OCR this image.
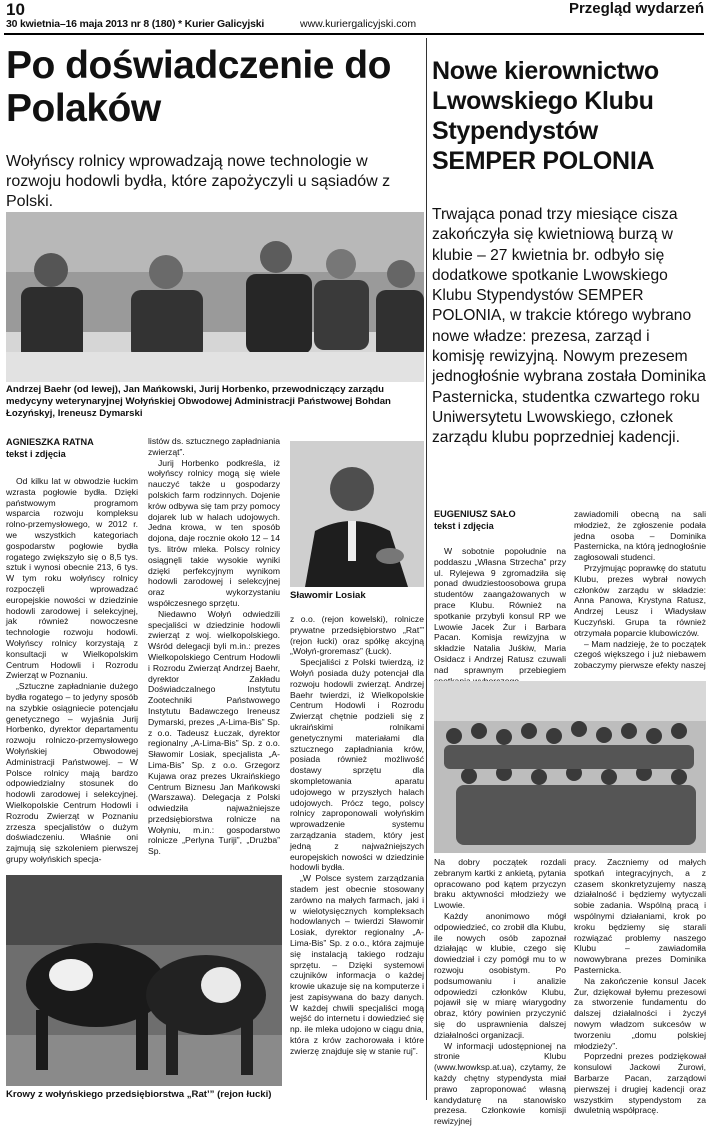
10
30 kwietnia–16 maja 2013 nr 8 (180) * Kurier Galicyjski	www.kuriergalicyjski.com
Przegląd wydarzeń
Po doświadczenie do Polaków
Wołyńscy rolnicy wprowadzają nowe technologie w rozwoju hodowli bydła, które zapożyczyli u sąsiadów z Polski.
Andrzej Baehr (od lewej), Jan Mańkowski, Jurij Horbenko, przewodniczący zarządu medycyny weterynaryjnej Wołyńskiej Obwodowej Administracji Państwowej Bohdan Łozyńskyj, Ireneusz Dymarski
AGNIESZKA RATNA
tekst i zdjęcia

Od kilku lat w obwodzie łuckim wzrasta pogłowie bydła. Dzięki państwowym programom wsparcia rozwoju kompleksu rolno-przemysłowego, w 2012 r. we wszystkich kategoriach gospodarstw pogłowie bydła rogatego zwiększyło się o 8,5 tys. sztuk i wynosi obecnie 213, 6 tys. W tym roku wołyńscy rolnicy rozpoczęli wprowadzać europejskie nowości w dziedzinie hodowli zarodowej i selekcyjnej, jak również nowoczesne technologie rozwoju hodowli. Wołyńscy rolnicy korzystają z konsultacji w Wielkopolskim Centrum Hodowli i Rozrodu Zwierząt w Poznaniu.

„Sztuczne zapładnianie dużego bydła rogatego – to jedyny sposób na szybkie osiągniecie potencjału genetycznego – wyjaśnia Jurij Horbenko, dyrektor departamentu rozwoju rolniczo-przemysłowego Wołyńskiej Obwodowej Administracji Państwowej. – W Polsce rolnicy mają bardzo odpowiedzialny stosunek do hodowli zarodowej i selekcyjnej. Wielkopolskie Centrum Hodowli i Rozrodu Zwierząt w Poznaniu zrzesza specjalistów o dużym doświadczeniu. Właśnie oni zajmują się szkoleniem pierwszej grupy wołyńskich specja-

listów ds. sztucznego zapładniania zwierząt”.

Jurij Horbenko podkreśla, iż wołyńscy rolnicy mogą się wiele nauczyć także u gospodarzy polskich farm rodzinnych. Dojenie krów odbywa się tam przy pomocy dojarek lub w halach udojowych. Jedna krowa, w ten sposób dojona, daje rocznie około 12 – 14 tys. litrów mleka. Polscy rolnicy osiągnęli takie wysokie wyniki dzięki perfekcyjnym wynikom hodowli zarodowej i selekcyjnej oraz wykorzystaniu współczesnego sprzętu.

Niedawno Wołyń odwiedzili specjaliści w dziedzinie hodowli zwierząt z woj. wielkopolskiego. Wśród delegacji byli m.in.: prezes Wielkopolskiego Centrum Hodowli i Rozrodu Zwierząt Andrzej Baehr, dyrektor Zakładu Doświadczalnego Instytutu Zootechniki Państwowego Instytutu Badawczego Ireneusz Dymarski, prezes „A-Lima-Bis” Sp. z o.o. Tadeusz Łuczak, dyrektor regionalny „A-Lima-Bis” Sp. z o.o. Sławomir Losiak, specjalista „A-Lima-Bis” Sp. z o.o. Grzegorz Kujawa oraz prezes Ukraińskiego Centrum Biznesu Jan Mańkowski (Warszawa). Delegacja z Polski odwiedziła najważniejsze przedsiębiorstwa rolnicze na Wołyniu, m.in.: gospodarstwo rolnicze „Perlyna Turiji”, „Drużba” Sp.

Sławomir Losiak

z o.o. (rejon kowelski), rolnicze prywatne przedsiębiorstwo „Rat’” (rejon łucki) oraz spółkę akcyjną „Wołyń-groremasz” (Łuck).

Specjaliści z Polski twierdzą, iż Wołyń posiada duży potencjał dla rozwoju hodowli zwierząt. Andrzej Baehr twierdzi, iż Wielkopolskie Centrum Hodowli i Rozrodu Zwierząt chętnie podzieli się z ukraińskimi rolnikami genetycznymi materiałami dla sztucznego zapładniania krów, posiada również możliwość dostawy sprzętu dla skompletowania aparatu udojowego w przyszłych halach udojowych. Prócz tego, polscy rolnicy zaproponowali wołyńskim wprowadzenie systemu zarządzania stadem, który jest jedną z najważniejszych europejskich nowości w dziedzinie hodowli bydła.

„W Polsce system zarządzania stadem jest obecnie stosowany zarówno na małych farmach, jaki i w wielotysięcznych kompleksach hodowlanych – twierdzi Sławomir Losiak, dyrektor regionalny „A-Lima-Bis” Sp. z o.o., która zajmuje się instalacją takiego rodzaju sprzętu. – Dzięki systemowi czujników informacja o każdej krowie ukazuje się na komputerze i jest zapisywana do bazy danych. W każdej chwili specjaliści mogą wejść do internetu i dowiedzieć się np. ile mleka udojono w ciągu dnia, która z krów zachorowała i które zwierzę znajduje się w stanie ruj”.

Krowy z wołyńskiego przedsiębiorstwa „Rat’” (rejon łucki)
Nowe kierownictwo Lwowskiego Klubu Stypendystów SEMPER POLONIA
Trwająca ponad trzy miesiące cisza zakończyła się kwietniową burzą w klubie – 27 kwietnia br. odbyło się dodatkowe spotkanie Lwowskiego Klubu Stypendystów SEMPER POLONIA, w trakcie którego wybrano nowe władze: prezesa, zarząd i komisję rewizyjną. Nowym prezesem jednogłośnie wybrana została Dominika Pasternicka, studentka czwartego roku Uniwersytetu Lwowskiego, członek zarządu klubu poprzedniej kadencji.
EUGENIUSZ SAŁO
tekst i zdjęcia

W sobotnie popołudnie na poddaszu „Własna Strzecha” przy ul. Rylejewa 9 zgromadziła się ponad dwudziestoosobowa grupa studentów zaangażowanych w prace Klubu. Również na spotkanie przybyli konsul RP we Lwowie Jacek Żur i Barbara Pacan. Komisja rewizyjna w składzie Natalia Juśkiw, Maria Osidacz i Andrzej Ratusz czuwali nad sprawnym przebiegiem

zawiadomili obecną na sali młodzież, że zgłoszenie podała jedna osoba – Dominika Pasternicka, na którą jednogłośnie zagłosowali studenci.

Przyjmując poprawkę do statutu Klubu, prezes wybrał nowych członków zarządu w składzie: Anna Panowa, Krystyna Ratusz, Andrzej Leusz i Władysław Kuczyński. Grupa ta również otrzymała poparcie klubowiczów.

– Mam nadzieję, że to początek czegoś większego i już niebawem zobaczymy pierwsze efekty naszej

Na dobry początek rozdali zebranym kartki z ankietą, pytania opracowano pod kątem przyczyn braku aktywności młodzieży we Lwowie.

Każdy anonimowo mógł odpowiedzieć, co zrobił dla Klubu, ile nowych osób zapoznał działając w klubie, czego się dowiedział i czy pomógł mu to w rozwoju osobistym. Po podsumowaniu i analizie odpowiedzi członków Klubu, pojawił się w miarę wiarygodny obraz, który powinien przyczynić się do usprawnienia dalszej działalności organizacji.

W informacji udostępnionej na stronie Klubu (www.lwowksp.at.ua), czytamy, że każdy chętny stypendysta miał prawo zaproponować własną kandydaturę na stanowisko prezesa. Członkowie komisji rewizyjnej

pracy. Zaczniemy od małych spotkań integracyjnych, a z czasem skonkretyzujemy naszą działalność i będziemy wytyczali sobie zadania. Wspólną pracą i wspólnymi działaniami, krok po kroku będziemy się starali rozwiązać problemy naszego Klubu – zawiadomiła nowowybrana prezes Dominika Pasternicka.

Na zakończenie konsul Jacek Żur, dziękował byłemu prezesowi za stworzenie fundamentu do dalszej działalności i życzył nowym władzom sukcesów w tworzeniu „domu polskiej młodzieży”.

Poprzedni prezes podziękował konsulowi Jackowi Żurowi, Barbarze Pacan, zarządowi pierwszej i drugiej kadencji oraz wszystkim stypendystom za dwuletnią współpracę.
